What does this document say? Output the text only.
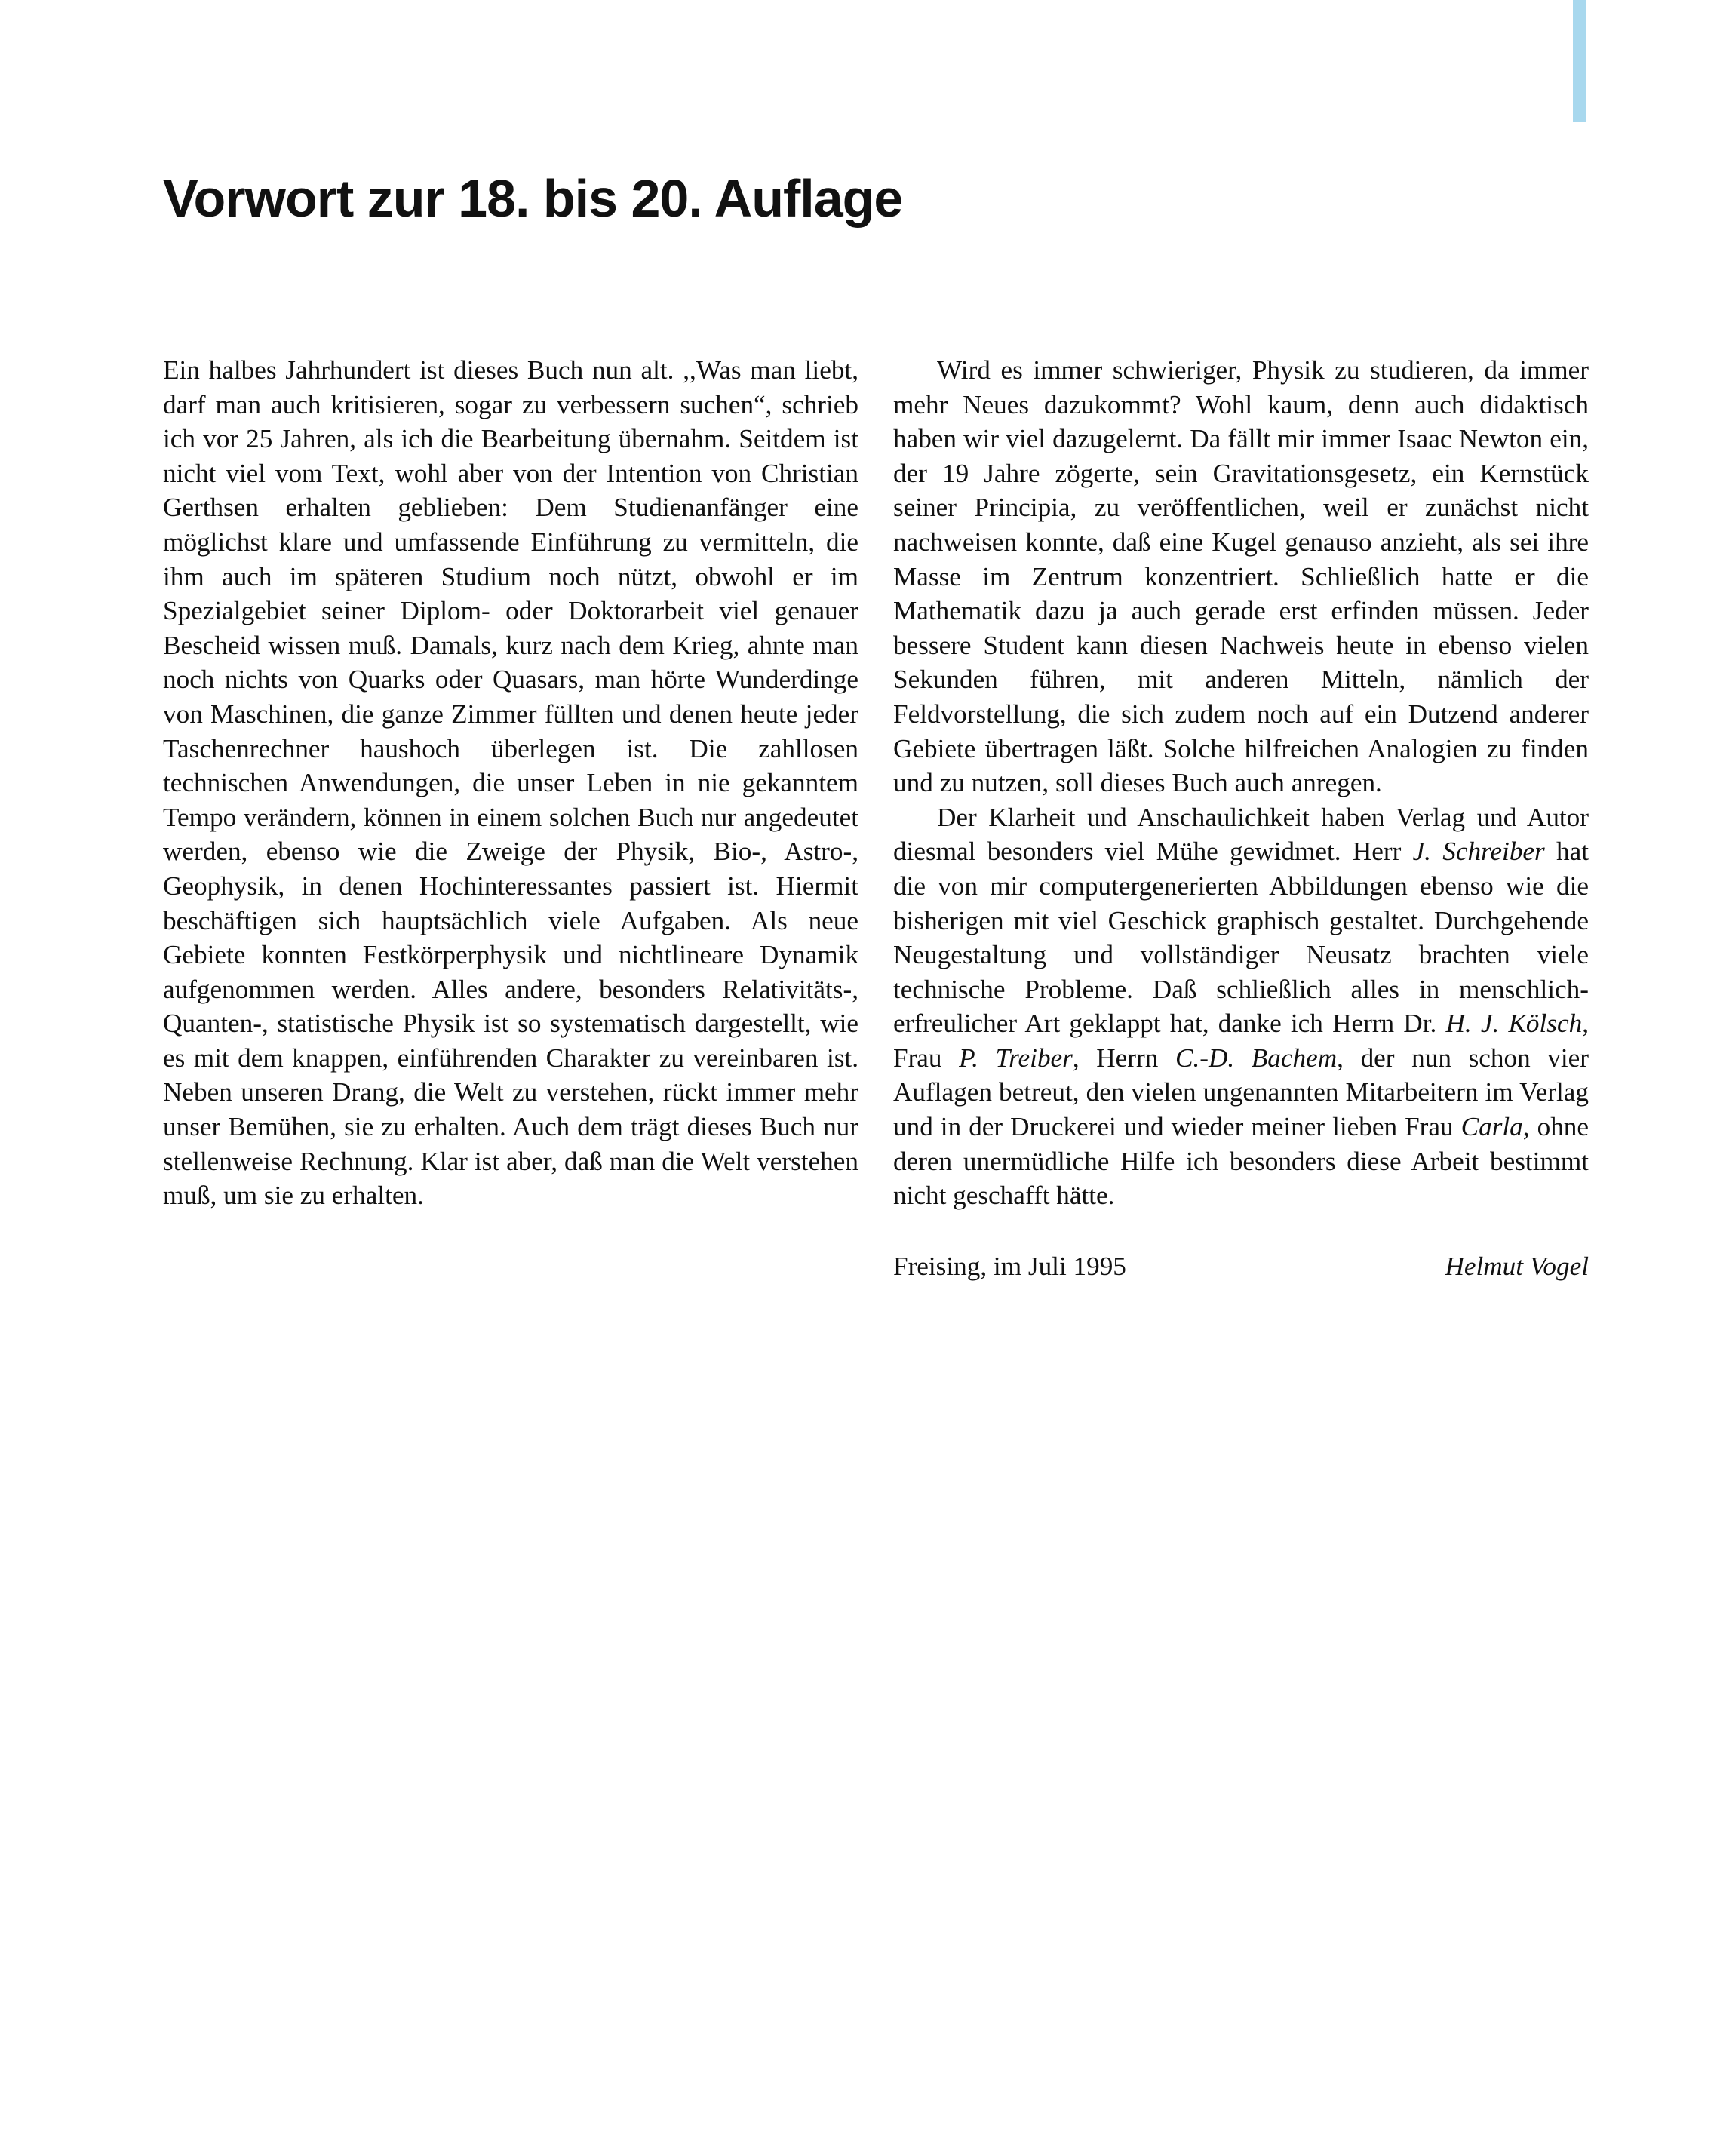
Vorwort zur 18. bis 20. Auflage

Ein halbes Jahrhundert ist dieses Buch nun alt. ,,Was man liebt, darf man auch kritisieren, sogar zu verbessern suchen“, schrieb ich vor 25 Jahren, als ich die Bearbeitung übernahm. Seitdem ist nicht viel vom Text, wohl aber von der Intention von Christian Gerthsen erhalten geblieben: Dem Studienanfänger eine möglichst klare und umfassende Einführung zu vermitteln, die ihm auch im späteren Studium noch nützt, obwohl er im Spezialgebiet seiner Diplom- oder Doktorarbeit viel genauer Bescheid wissen muß. Damals, kurz nach dem Krieg, ahnte man noch nichts von Quarks oder Quasars, man hörte Wunderdinge von Maschinen, die ganze Zimmer füllten und denen heute jeder Taschenrechner haushoch überlegen ist. Die zahllosen technischen Anwendungen, die unser Leben in nie gekanntem Tempo verändern, können in einem solchen Buch nur angedeutet werden, ebenso wie die Zweige der Physik, Bio-, Astro-, Geophysik, in denen Hochinteressantes passiert ist. Hiermit beschäftigen sich hauptsächlich viele Aufgaben. Als neue Gebiete konnten Festkörperphysik und nichtlineare Dynamik aufgenommen werden. Alles andere, besonders Relativitäts-, Quanten-, statistische Physik ist so systematisch dargestellt, wie es mit dem knappen, einführenden Charakter zu vereinbaren ist. Neben unseren Drang, die Welt zu verstehen, rückt immer mehr unser Bemühen, sie zu erhalten. Auch dem trägt dieses Buch nur stellenweise Rechnung. Klar ist aber, daß man die Welt verstehen muß, um sie zu erhalten.

Wird es immer schwieriger, Physik zu studieren, da immer mehr Neues dazukommt? Wohl kaum, denn auch didaktisch haben wir viel dazugelernt. Da fällt mir immer Isaac Newton ein, der 19 Jahre zögerte, sein Gravitationsgesetz, ein Kernstück seiner Principia, zu veröffentlichen, weil er zunächst nicht nachweisen konnte, daß eine Kugel genauso anzieht, als sei ihre Masse im Zentrum konzentriert. Schließlich hatte er die Mathematik dazu ja auch gerade erst erfinden müssen. Jeder bessere Student kann diesen Nachweis heute in ebenso vielen Sekunden führen, mit anderen Mitteln, nämlich der Feldvorstellung, die sich zudem noch auf ein Dutzend anderer Gebiete übertragen läßt. Solche hilfreichen Analogien zu finden und zu nutzen, soll dieses Buch auch anregen.

Der Klarheit und Anschaulichkeit haben Verlag und Autor diesmal besonders viel Mühe gewidmet. Herr J. Schreiber hat die von mir computergenerierten Abbildungen ebenso wie die bisherigen mit viel Geschick graphisch gestaltet. Durchgehende Neugestaltung und vollständiger Neusatz brachten viele technische Probleme. Daß schließlich alles in menschlich-erfreulicher Art geklappt hat, danke ich Herrn Dr. H. J. Kölsch, Frau P. Treiber, Herrn C.-D. Bachem, der nun schon vier Auflagen betreut, den vielen ungenannten Mitarbeitern im Verlag und in der Druckerei und wieder meiner lieben Frau Carla, ohne deren unermüdliche Hilfe ich besonders diese Arbeit bestimmt nicht geschafft hätte.

Freising, im Juli 1995	Helmut Vogel
